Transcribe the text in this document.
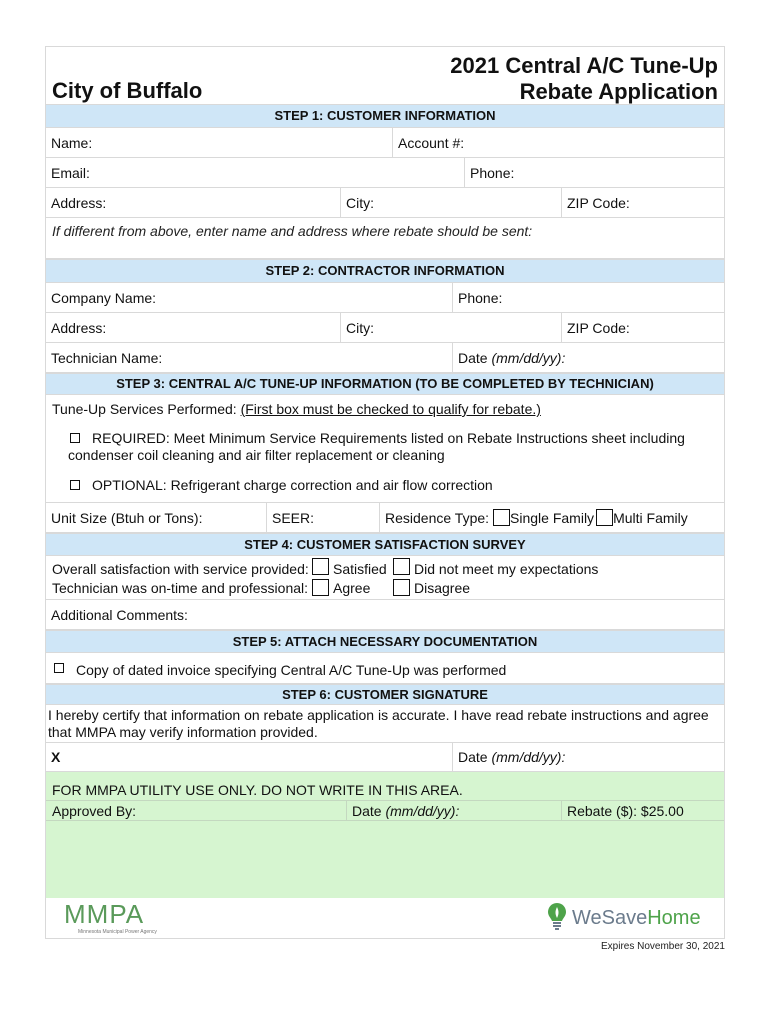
City of Buffalo
2021 Central A/C Tune-Up
Rebate Application
STEP 1: CUSTOMER INFORMATION
Name:	Account #:
Email:	Phone:
Address:	City:	ZIP Code:
If different from above, enter name and address where rebate should be sent:
STEP 2: CONTRACTOR INFORMATION
Company Name:	Phone:
Address:	City:	ZIP Code:
Technician Name:	Date
(mm/dd/yy):
STEP 3: CENTRAL A/C TUNE-UP INFORMATION (TO BE COMPLETED BY TECHNICIAN)
Tune-Up Services Performed: (First box must be checked to qualify for rebate.)
REQUIRED: Meet Minimum Service Requirements listed on Rebate Instructions sheet including
condenser coil cleaning and air filter replacement or cleaning
OPTIONAL: Refrigerant charge correction and air flow correction
Unit Size (Btuh or Tons):	SEER:	Residence Type: Single Family Multi Family
STEP 4: CUSTOMER SATISFACTION SURVEY
Overall satisfaction with service provided: Satisfied Did not meet my expectations
Technician was on-time and professional: Agree	Disagree
Additional Comments:
STEP 5: ATTACH NECESSARY DOCUMENTATION
Copy of dated invoice specifying Central A/C Tune-Up was performed
STEP 6: CUSTOMER SIGNATURE
I hereby certify that information on rebate application is accurate. I have read rebate instructions and agree
that MMPA may verify information provided.
X	Date
(mm/dd/yy):
FOR MMPA UTILITY USE ONLY. DO NOT WRITE IN THIS AREA.
Approved By:	Date (mm/dd/yy):	Rebate ($): $25.00
MMPA
Minnesota Municipal Power Agency
WeSaveHome
Expires November 30, 2021
